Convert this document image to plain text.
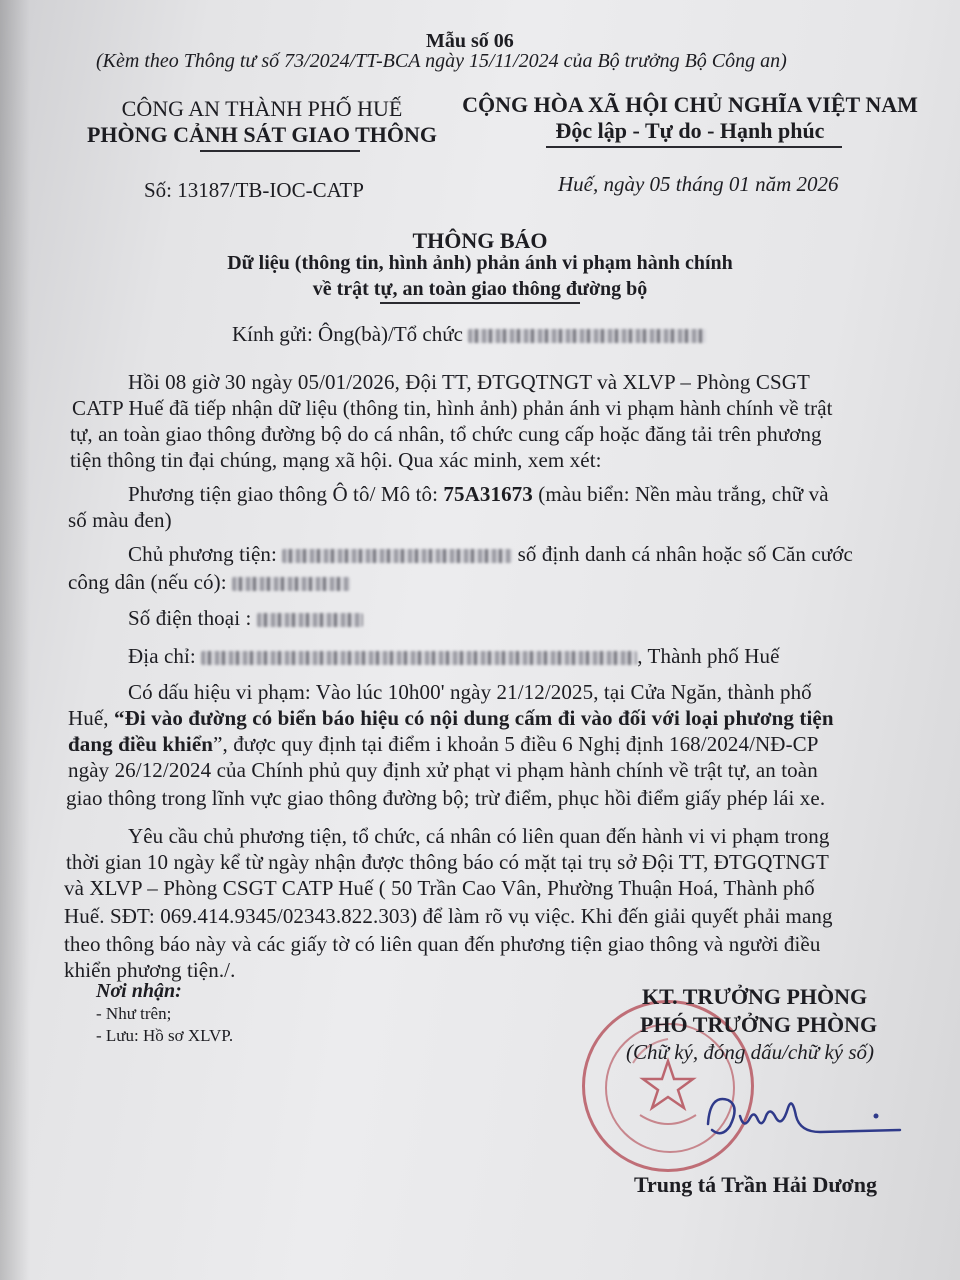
Mẫu số 06
(Kèm theo Thông tư số 73/2024/TT-BCA ngày 15/11/2024 của Bộ trưởng Bộ Công an)
CÔNG AN THÀNH PHỐ HUẾ
PHÒNG CẢNH SÁT GIAO THÔNG
CỘNG HÒA XÃ HỘI CHỦ NGHĨA VIỆT NAM
Độc lập - Tự do - Hạnh phúc
Số: 13187/TB-IOC-CATP	Huế, ngày 05 tháng 01 năm 2026
THÔNG BÁO
Dữ liệu (thông tin, hình ảnh) phản ánh vi phạm hành chính
về trật tự, an toàn giao thông đường bộ
Kính gửi: Ông(bà)/Tổ chức
Hồi 08 giờ 30 ngày 05/01/2026, Đội TT, ĐTGQTNGT và XLVP – Phòng CSGT
CATP Huế đã tiếp nhận dữ liệu (thông tin, hình ảnh) phản ánh vi phạm hành chính về trật
tự, an toàn giao thông đường bộ do cá nhân, tổ chức cung cấp hoặc đăng tải trên phương
tiện thông tin đại chúng, mạng xã hội. Qua xác minh, xem xét:
Phương tiện giao thông Ô tô/ Mô tô: 75A31673 (màu biển: Nền màu trắng, chữ và
số màu đen)
Chủ phương tiện:	số định danh cá nhân hoặc số Căn cước
công dân (nếu có):
Số điện thoại :
Địa chỉ:	, Thành phố Huế
Có dấu hiệu vi phạm: Vào lúc 10h00' ngày 21/12/2025, tại Cửa Ngăn, thành phố
Huế, “Đi vào đường có biển báo hiệu có nội dung cấm đi vào đối với loại phương tiện
đang điều khiển”, được quy định tại điểm i khoản 5 điều 6 Nghị định 168/2024/NĐ-CP
ngày 26/12/2024 của Chính phủ quy định xử phạt vi phạm hành chính về trật tự, an toàn
giao thông trong lĩnh vực giao thông đường bộ; trừ điểm, phục hồi điểm giấy phép lái xe.
Yêu cầu chủ phương tiện, tổ chức, cá nhân có liên quan đến hành vi vi phạm trong
thời gian 10 ngày kể từ ngày nhận được thông báo có mặt tại trụ sở Đội TT, ĐTGQTNGT
và XLVP – Phòng CSGT CATP Huế ( 50 Trần Cao Vân, Phường Thuận Hoá, Thành phố
Huế. SĐT: 069.414.9345/02343.822.303) để làm rõ vụ việc. Khi đến giải quyết phải mang
theo thông báo này và các giấy tờ có liên quan đến phương tiện giao thông và người điều
khiển phương tiện./.
Nơi nhận:
- Như trên;
- Lưu: Hồ sơ XLVP.
KT. TRƯỞNG PHÒNG
PHÓ TRƯỞNG PHÒNG
(Chữ ký, đóng dấu/chữ ký số)
Trung tá Trần Hải Dương
